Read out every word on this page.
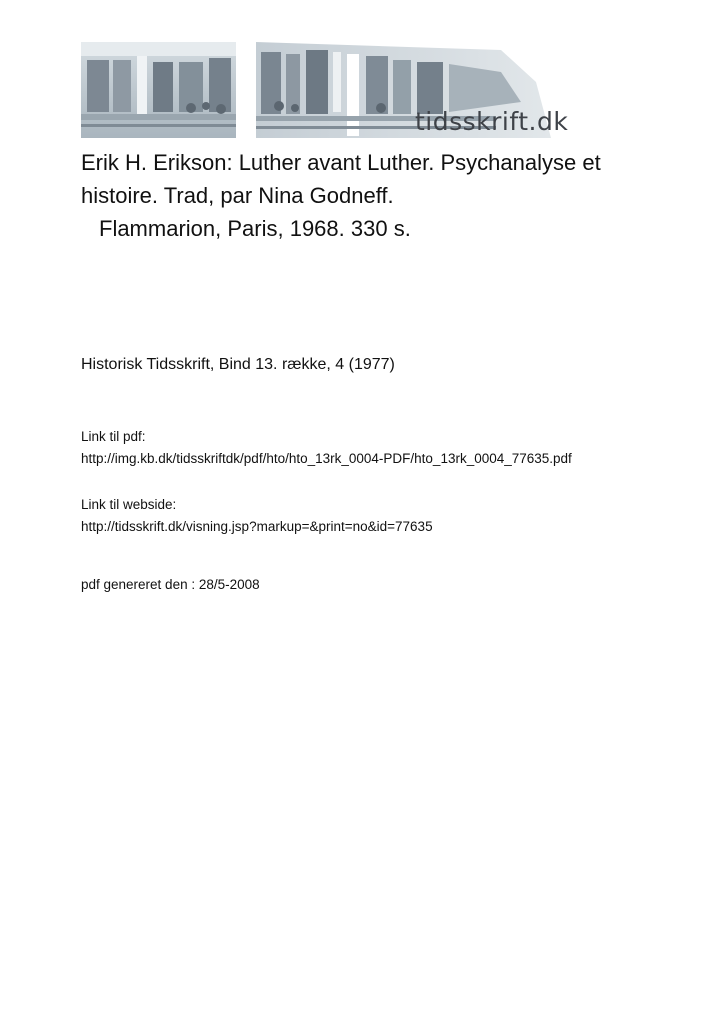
tidsskrift.dk
Erik H. Erikson: Luther avant Luther. Psychanalyse et
histoire. Trad, par Nina Godneff.
Flammarion, Paris, 1968. 330 s.
Historisk Tidsskrift, Bind 13. række, 4 (1977)
Link til pdf:
http://img.kb.dk/tidsskriftdk/pdf/hto/hto_13rk_0004-PDF/hto_13rk_0004_77635.pdf
Link til webside:
http://tidsskrift.dk/visning.jsp?markup=&print=no&id=77635
pdf genereret den : 28/5-2008
